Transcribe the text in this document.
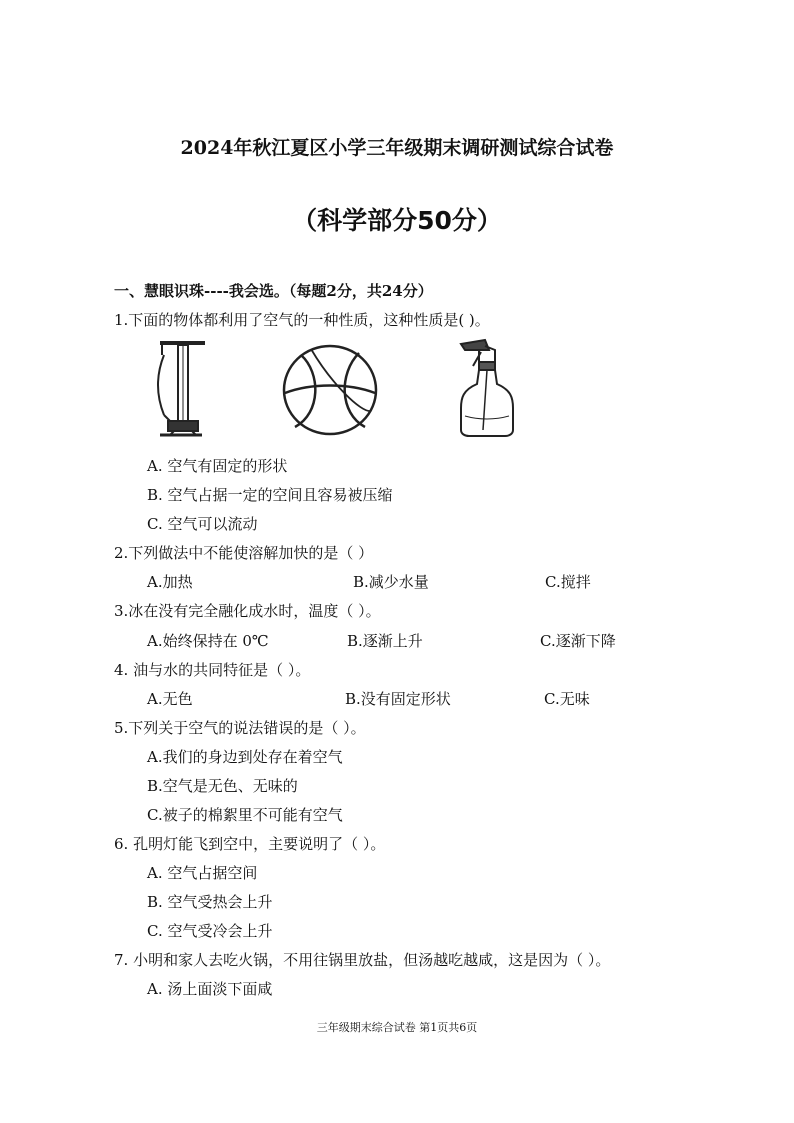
2024年秋江夏区小学三年级期末调研测试综合试卷
（科学部分50分）
一、慧眼识珠----我会选。（每题2分，共24分）
1.下面的物体都利用了空气的一种性质，这种性质是( )。
A. 空气有固定的形状
B. 空气占据一定的空间且容易被压缩
C. 空气可以流动
2.下列做法中不能使溶解加快的是（ ）
A.加热	B.减少水量	C.搅拌
3.冰在没有完全融化成水时，温度（ ）。
A.始终保持在 0℃	B.逐渐上升	C.逐渐下降
4. 油与水的共同特征是（ ）。
A.无色	B.没有固定形状	C.无味
5.下列关于空气的说法错误的是（ ）。
A.我们的身边到处存在着空气
B.空气是无色、无味的
C.被子的棉絮里不可能有空气
6. 孔明灯能飞到空中，主要说明了（ ）。
A. 空气占据空间
B. 空气受热会上升
C. 空气受冷会上升
7. 小明和家人去吃火锅，不用往锅里放盐，但汤越吃越咸，这是因为（ ）。
A. 汤上面淡下面咸
三年级期末综合试卷 第1页共6页
